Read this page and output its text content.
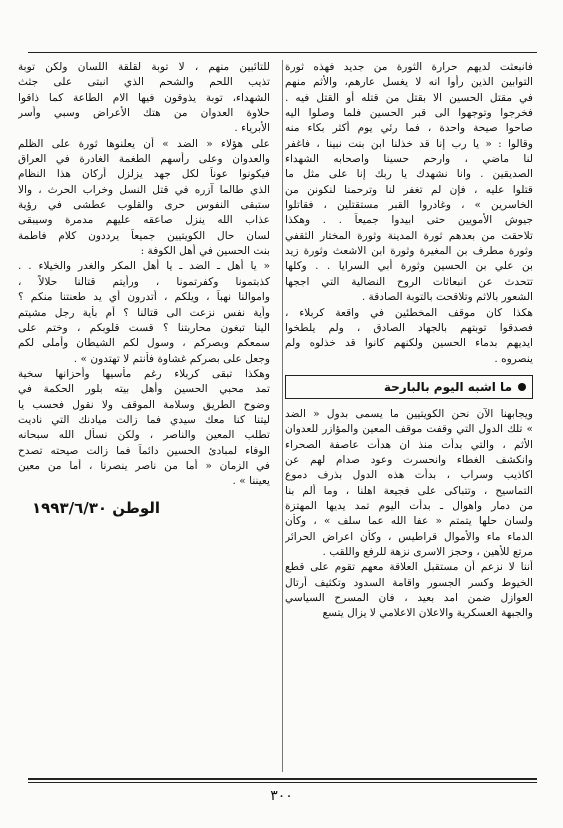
فانبعثت لديهم حرارة الثورة من جديد فهذه ثورة
التوابين الذين رأوا انه لا يغسل عارهم، والأثم منهم
في مقتل الحسين الا بقتل من قتله أو القتل فيه .
فخرجوا وتوجهوا الى قبر الحسين فلما وصلوا اليه
صاحوا صيحة واحدة ، فما رئي يوم أكثر بكاء منه
وقالوا : « يا رب إنا قد خذلنا ابن بنت نبينا ، فاغفر
لنا ماضي ، وارحم حسينا واصحابه الشهداء
الصديقين . وانا نشهدك يا ربك إنا على مثل ما
قتلوا عليه ، فإن لم تغفر لنا وترحمنا لنكونن من
الخاسرين » ، وغادروا القبر مستقتلين ، فقاتلوا
جيوش الأمويين حتى ابيدوا جميعاً . . وهكذا
تلاحقت من بعدهم ثورة المدينة وثورة المختار الثقفي
وثورة مطرف بن المغيرة وثورة ابن الاشعث وثورة زيد
بن علي بن الحسين وثورة أبي السرايا . . وكلها
تتحدث عن انبعاثات الروح النضالية التي اججها
الشعور بالاثم وتلاقحت بالتوبة الصادقة .
هكذا كان موقف المخطئين في واقعة كربلاء ،
فصدقوا توبتهم بالجهاد الصادق ، ولم يلطخوا
ايديهم بدماء الحسين ولكنهم كانوا قد خذلوه ولم
ينصروه .
ما اشبه اليوم بالبارحة
ويجابهنا الآن نحن الكويتيين ما يسمى بدول « الضد
» تلك الدول التي وقفت موقف المعين والمؤازر للعدوان
الأثم ، والتي بدأت منذ ان هدأت عاصفة الصحراء
وانكشف الغطاء وانحسرت وعود صدام لهم عن
اكاذيب وسراب ، بدأت هذه الدول بذرف دموع
التماسيح ، وتتباكى على فجيعة اهلنا ، وما ألم بنا
من دمار واهوال ـ بدأت اليوم تمد يديها المهتزة
ولسان حلها يتمتم « عفا الله عما سلف » ، وكأن
الدماء ماء والأموال قراطيس ، وكأن اعراض الحرائر
مرتع للأهين ، وحجز الاسرى نزهة للرفع واللقب .
أننا لا نزعم أن مستقبل العلاقة معهم تقوم على قطع
الخيوط وكسر الجسور واقامة السدود وتكثيف أرتال
العوازل ضمن امد بعيد ، فان المسرح السياسي
والجبهة العسكرية والاعلان الاعلامي لا يزال يتسع
للتائبين منهم ، لا توبة لقلقة اللسان ولكن توبة
تذيب اللحم والشحم الذي انبتى على جثث
الشهداء، توبة يذوقون فيها الام الطاعة كما ذاقوا
حلاوة العدوان من هتك الأعراض وسبي وأسر
الأبرياء .
على هؤلاء « الضد » أن يعلنوها ثورة على الظلم
والعدوان وعلى رأسهم الطغمة الغادرة في العراق
فيكونوا عوناً لكل جهد يزلزل أركان هذا النظام
الذي طالما آزره في قتل النسل وخراب الحرث ، والا
ستبقى النفوس حرى والقلوب عطشى في رؤية
عذاب الله ينزل صاعقه عليهم مدمرة وسيبقى
لسان حال الكويتيين جميعاً يرددون كلام فاطمة
بنت الحسين في أهل الكوفة :
« يا أهل ـ الضد ـ يا أهل المكر والغدر والخيلاء . .
كذبتمونا وكفرتمونا ، ورأيتم قتالنا حلالاً ،
واموالنا نهباً ، ويلكم ، أتدرون أي يد طعنتنا منكم ؟
وأية نفس نزعت الى قتالنا ؟ أم بأية رجل مشيتم
الينا تبغون محاربتنا ؟ قست قلوبكم ، وختم على
سمعكم وبصركم ، وسول لكم الشيطان وأملى لكم
وجعل على بصركم غشاوة فأنتم لا تهتدون » .
وهكذا تبقى كربلاء رغم مأسيها وأحزانها سخية
تمد محبي الحسين وأهل بيته بلور الحكمة في
وضوح الطريق وسلامة الموقف ولا نقول فحسب يا
ليتنا كنا معك سيدي فما زالت ميادنك التي ناديت
تطلب المعين والناصر ، ولكن نسأل الله سبحانه
الوفاء لمبادئ الحسين دائماً فما زالت صيحته تصدح
في الزمان « أما من ناصر ينصرنا ، أما من معين
يعيننا » .
الوطن ١٩٩٣/٦/٣٠
٣٠٠
